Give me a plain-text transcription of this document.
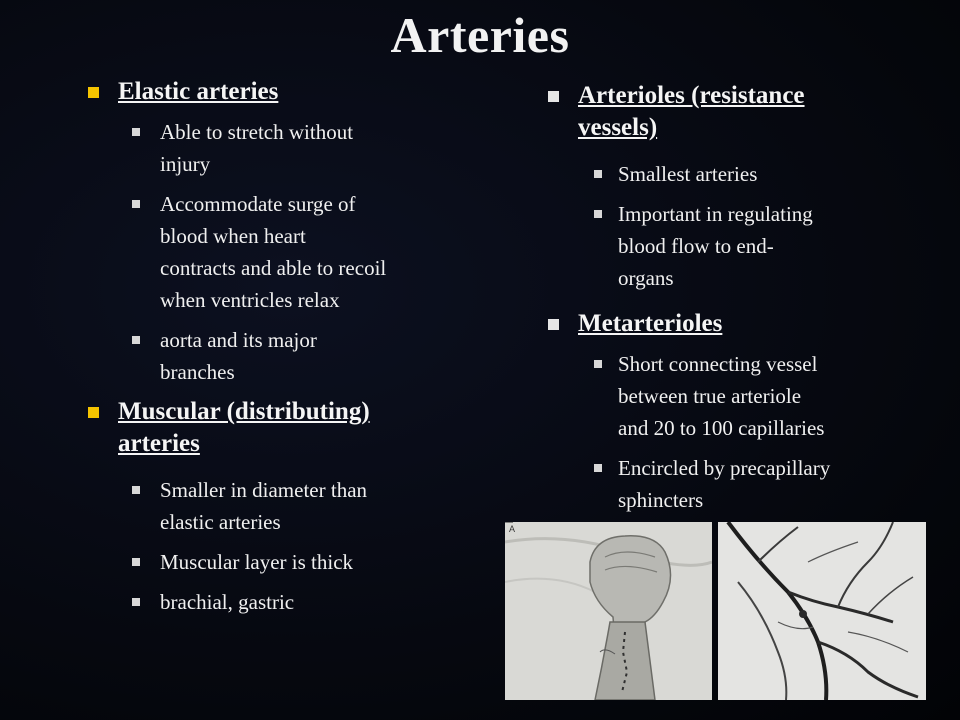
Arteries
Elastic arteries
Able to stretch without
injury
Accommodate surge of
blood when heart
contracts and able to recoil
when ventricles relax
aorta and its major
branches
Muscular (distributing)
arteries
Smaller in diameter than
elastic arteries
Muscular layer is thick
brachial, gastric
Arterioles (resistance
vessels)
Smallest arteries
Important in regulating
blood flow to end-
organs
Metarterioles
Short connecting vessel
between true arteriole
and 20 to 100 capillaries
Encircled by precapillary
sphincters
A
